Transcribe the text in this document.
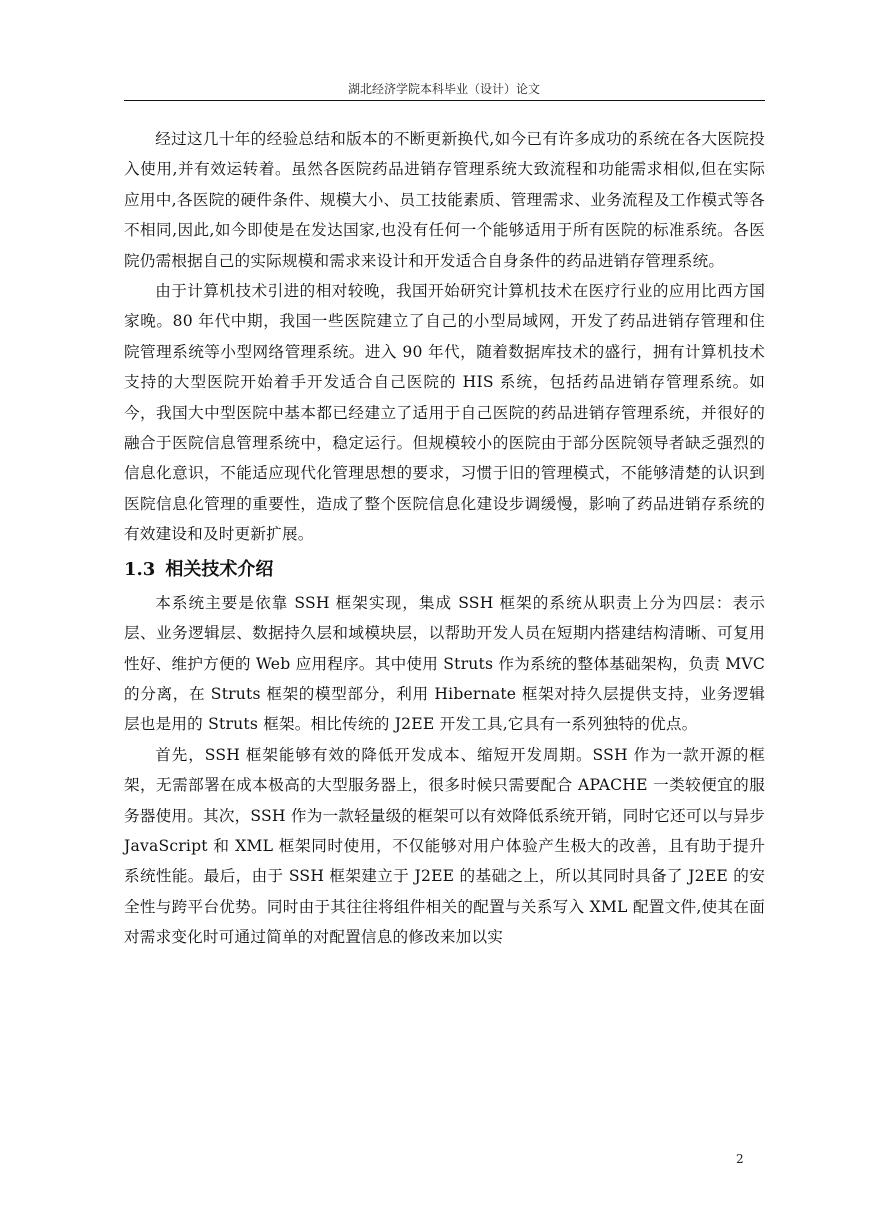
湖北经济学院本科毕业（设计）论文

经过这几十年的经验总结和版本的不断更新换代,如今已有许多成功的系统在各大医院投入使用,并有效运转着。虽然各医院药品进销存管理系统大致流程和功能需求相似,但在实际应用中,各医院的硬件条件、规模大小、员工技能素质、管理需求、业务流程及工作模式等各不相同,因此,如今即使是在发达国家,也没有任何一个能够适用于所有医院的标准系统。各医院仍需根据自己的实际规模和需求来设计和开发适合自身条件的药品进销存管理系统。

由于计算机技术引进的相对较晚，我国开始研究计算机技术在医疗行业的应用比西方国家晚。80 年代中期，我国一些医院建立了自己的小型局域网，开发了药品进销存管理和住院管理系统等小型网络管理系统。进入 90 年代，随着数据库技术的盛行，拥有计算机技术支持的大型医院开始着手开发适合自己医院的 HIS 系统，包括药品进销存管理系统。如今，我国大中型医院中基本都已经建立了适用于自己医院的药品进销存管理系统，并很好的融合于医院信息管理系统中，稳定运行。但规模较小的医院由于部分医院领导者缺乏强烈的信息化意识，不能适应现代化管理思想的要求，习惯于旧的管理模式，不能够清楚的认识到医院信息化管理的重要性，造成了整个医院信息化建设步调缓慢，影响了药品进销存系统的有效建设和及时更新扩展。

1.3 相关技术介绍

本系统主要是依靠 SSH 框架实现，集成 SSH 框架的系统从职责上分为四层：表示层、业务逻辑层、数据持久层和域模块层，以帮助开发人员在短期内搭建结构清晰、可复用性好、维护方便的 Web 应用程序。其中使用 Struts 作为系统的整体基础架构，负责 MVC 的分离，在 Struts 框架的模型部分，利用 Hibernate 框架对持久层提供支持，业务逻辑层也是用的 Struts 框架。相比传统的 J2EE 开发工具,它具有一系列独特的优点。

首先，SSH 框架能够有效的降低开发成本、缩短开发周期。SSH 作为一款开源的框架，无需部署在成本极高的大型服务器上，很多时候只需要配合 APACHE 一类较便宜的服务器使用。其次，SSH 作为一款轻量级的框架可以有效降低系统开销，同时它还可以与异步 JavaScript 和 XML 框架同时使用，不仅能够对用户体验产生极大的改善，且有助于提升系统性能。最后，由于 SSH 框架建立于 J2EE 的基础之上，所以其同时具备了 J2EE 的安全性与跨平台优势。同时由于其往往将组件相关的配置与关系写入 XML 配置文件,使其在面对需求变化时可通过简单的对配置信息的修改来加以实

2
